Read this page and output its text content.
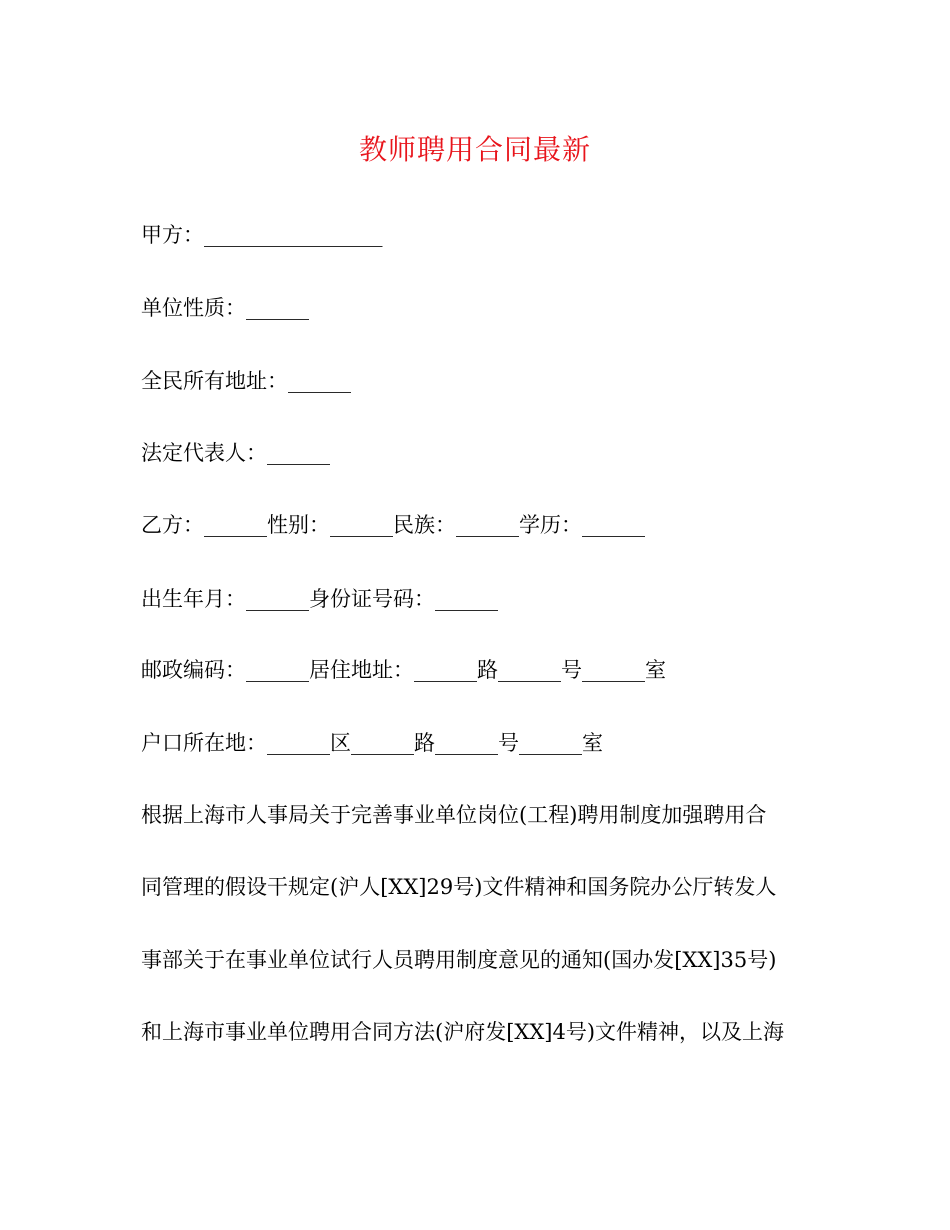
教师聘用合同最新
甲方：_________________
单位性质：______
全民所有地址：______
法定代表人：______
乙方：______性别：______民族：______学历：______
出生年月：______身份证号码：______
邮政编码：______居住地址：______路______号______室
户口所在地：______区______路______号______室
根据上海市人事局关于完善事业单位岗位(工程)聘用制度加强聘用合
同管理的假设干规定(沪人[XX]29号)文件精神和国务院办公厅转发人
事部关于在事业单位试行人员聘用制度意见的通知(国办发[XX]35号)
和上海市事业单位聘用合同方法(沪府发[XX]4号)文件精神，以及上海
